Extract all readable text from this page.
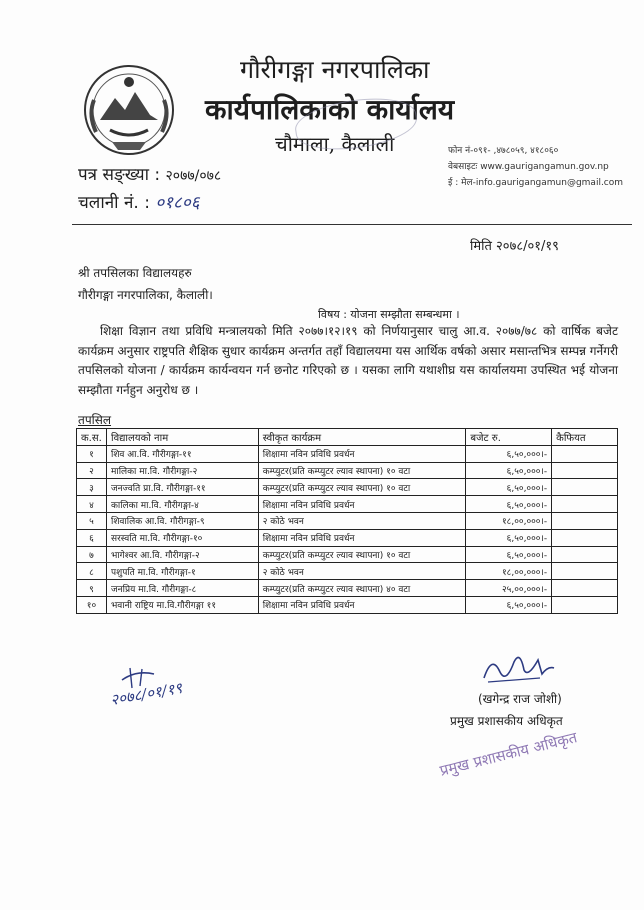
गौरीगङ्गा नगरपालिका
कार्यपालिकाको कार्यालय
चौमाला, कैलाली	फोन नं-०९१- ,४७८०५९, ४१८०६०
वेबसाइटः www.gaurigangamun.gov.np
ई : मेल-info.gaurigangamun@gmail.com
पत्र सङ्ख्या : २०७७/०७८
चलानी नं. : ०१८०६
मिति २०७८/०१/१९
श्री तपसिलका विद्यालयहरु
गौरीगङ्गा नगरपालिका, कैलाली।
विषय : योजना सम्झौता सम्बन्धमा ।

शिक्षा विज्ञान तथा प्रविधि मन्त्रालयको मिति २०७७।१२।१९ को निर्णयानुसार चालु आ.व. २०७७/७८ को वार्षिक बजेट कार्यक्रम अनुसार राष्ट्रपति शैक्षिक सुधार कार्यक्रम अन्तर्गत तहाँ विद्यालयमा यस आर्थिक वर्षको असार मसान्तभित्र सम्पन्न गर्नेगरी तपसिलको योजना / कार्यक्रम कार्यन्वयन गर्न छनोट गरिएको छ । यसका लागि यथाशीघ्र यस कार्यालयमा उपस्थित भई योजना सम्झौता गर्नहुन अनुरोध छ ।

तपसिल
क.स.	विद्यालयको नाम	स्वीकृत कार्यक्रम	बजेट रु.	कैफियत
१	शिव आ.वि. गौरीगङ्गा-११	शिक्षामा नविन प्रविधि प्रवर्धन	६,५०,०००।-	
२	मालिका मा.वि. गौरीगङ्गा-२	कम्प्युटर(प्रति कम्प्युटर ल्याव स्थापना) १० वटा	६,५०,०००।-	
३	जनज्वति प्रा.वि. गौरीगङ्गा-११	कम्प्युटर(प्रति कम्प्युटर ल्याव स्थापना) १० वटा	६,५०,०००।-	
४	कालिका मा.वि. गौरीगङ्गा-४	शिक्षामा नविन प्रविधि प्रवर्धन	६,५०,०००।-	
५	शिवालिक आ.वि. गौरीगङ्गा-९	२ कोठे भवन	१८,००,०००।-	
६	सरस्वति मा.वि. गौरीगङ्गा-१०	शिक्षामा नविन प्रविधि प्रवर्धन	६,५०,०००।-	
७	भागेश्वर आ.वि. गौरीगङ्गा-२	कम्प्युटर(प्रति कम्प्युटर ल्याव स्थापना) १० वटा	६,५०,०००।-	
८	पशुपति मा.वि. गौरीगङ्गा-१	२ कोठे भवन	१८,००,०००।-	
९	जनप्रिय मा.वि. गौरीगङ्गा-८	कम्प्युटर(प्रति कम्प्युटर ल्याव स्थापना) ४० वटा	२५,००,०००।-	
१०	भवानी राष्ट्रिय मा.वि.गौरीगङ्गा ११	शिक्षामा नविन प्रविधि प्रवर्धन	६,५०,०००।-	
२०७८/०१/१९	(खगेन्द्र राज जोशी)
प्रमुख प्रशासकीय अधिकृत
प्रमुख प्रशासकीय अधिकृत
